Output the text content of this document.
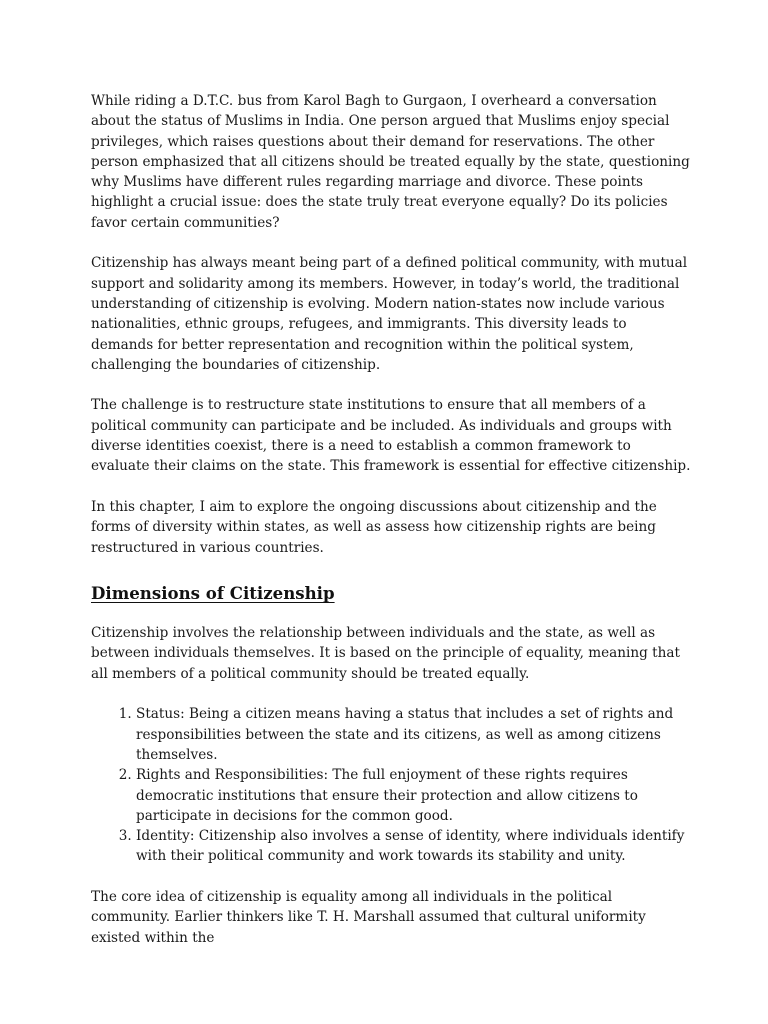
While riding a D.T.C. bus from Karol Bagh to Gurgaon, I overheard a conversation about the status of Muslims in India. One person argued that Muslims enjoy special privileges, which raises questions about their demand for reservations. The other person emphasized that all citizens should be treated equally by the state, questioning why Muslims have different rules regarding marriage and divorce. These points highlight a crucial issue: does the state truly treat everyone equally? Do its policies favor certain communities?

Citizenship has always meant being part of a defined political community, with mutual support and solidarity among its members. However, in today’s world, the traditional understanding of citizenship is evolving. Modern nation-states now include various nationalities, ethnic groups, refugees, and immigrants. This diversity leads to demands for better representation and recognition within the political system, challenging the boundaries of citizenship.

The challenge is to restructure state institutions to ensure that all members of a political community can participate and be included. As individuals and groups with diverse identities coexist, there is a need to establish a common framework to evaluate their claims on the state. This framework is essential for effective citizenship.

In this chapter, I aim to explore the ongoing discussions about citizenship and the forms of diversity within states, as well as assess how citizenship rights are being restructured in various countries.

Dimensions of Citizenship

Citizenship involves the relationship between individuals and the state, as well as between individuals themselves. It is based on the principle of equality, meaning that all members of a political community should be treated equally.

1. Status: Being a citizen means having a status that includes a set of rights and responsibilities between the state and its citizens, as well as among citizens themselves.
2. Rights and Responsibilities: The full enjoyment of these rights requires democratic institutions that ensure their protection and allow citizens to participate in decisions for the common good.
3. Identity: Citizenship also involves a sense of identity, where individuals identify with their political community and work towards its stability and unity.

The core idea of citizenship is equality among all individuals in the political community. Earlier thinkers like T. H. Marshall assumed that cultural uniformity existed within the
